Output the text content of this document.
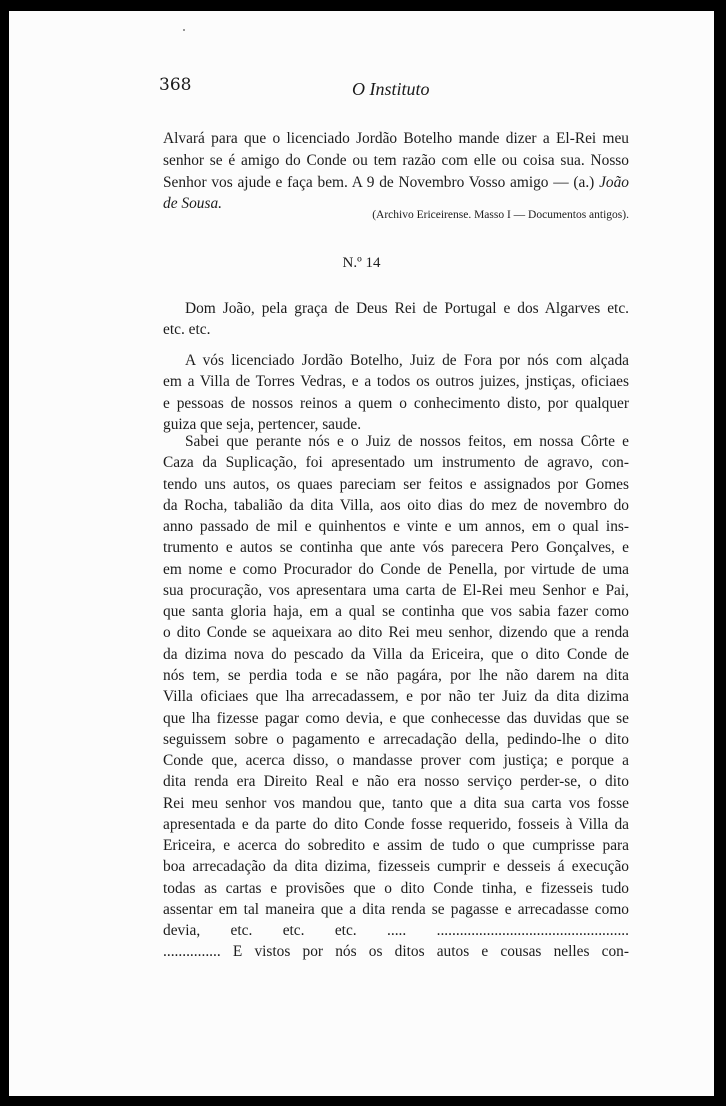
368	O Instituto
Alvará para que o licenciado Jordão Botelho mande dizer a El-Rei meu
senhor se é amigo do Conde ou tem razão com elle ou coisa sua. Nosso
Senhor vos ajude e faça bem. A 9 de Novembro Vosso amigo — (a.) João
de Sousa.
(Archivo Ericeirense. Masso I — Documentos antigos).
N.º 14
Dom João, pela graça de Deus Rei de Portugal e dos Algarves etc.
etc. etc.
A vós licenciado Jordão Botelho, Juiz de Fora por nós com alçada
em a Villa de Torres Vedras, e a todos os outros juizes, jnstiças, oficiaes
e pessoas de nossos reinos a quem o conhecimento disto, por qualquer
guiza que seja, pertencer, saude.
Sabei que perante nós e o Juiz de nossos feitos, em nossa Côrte e
Caza da Suplicação, foi apresentado um instrumento de agravo, con-
tendo uns autos, os quaes pareciam ser feitos e assignados por Gomes
da Rocha, tabalião da dita Villa, aos oito dias do mez de novembro do
anno passado de mil e quinhentos e vinte e um annos, em o qual ins-
trumento e autos se continha que ante vós parecera Pero Gonçalves, e
em nome e como Procurador do Conde de Penella, por virtude de uma
sua procuração, vos apresentara uma carta de El-Rei meu Senhor e Pai,
que santa gloria haja, em a qual se continha que vos sabia fazer como
o dito Conde se aqueixara ao dito Rei meu senhor, dizendo que a renda
da dizima nova do pescado da Villa da Ericeira, que o dito Conde de
nós tem, se perdia toda e se não pagára, por lhe não darem na dita
Villa oficiaes que lha arrecadassem, e por não ter Juiz da dita dizima
que lha fizesse pagar como devia, e que conhecesse das duvidas que se
seguissem sobre o pagamento e arrecadação della, pedindo-lhe o dito
Conde que, acerca disso, o mandasse prover com justiça; e porque a
dita renda era Direito Real e não era nosso serviço perder-se, o dito
Rei meu senhor vos mandou que, tanto que a dita sua carta vos fosse
apresentada e da parte do dito Conde fosse requerido, fosseis à Villa da
Ericeira, e acerca do sobredito e assim de tudo o que cumprisse para
boa arrecadação da dita dizima, fizesseis cumprir e desseis á execução
todas as cartas e provisões que o dito Conde tinha, e fizesseis tudo
assentar em tal maneira que a dita renda se pagasse e arrecadasse como
devia, etc. etc. etc. ..... ..................................................
............... E vistos por nós os ditos autos e cousas nelles con-
